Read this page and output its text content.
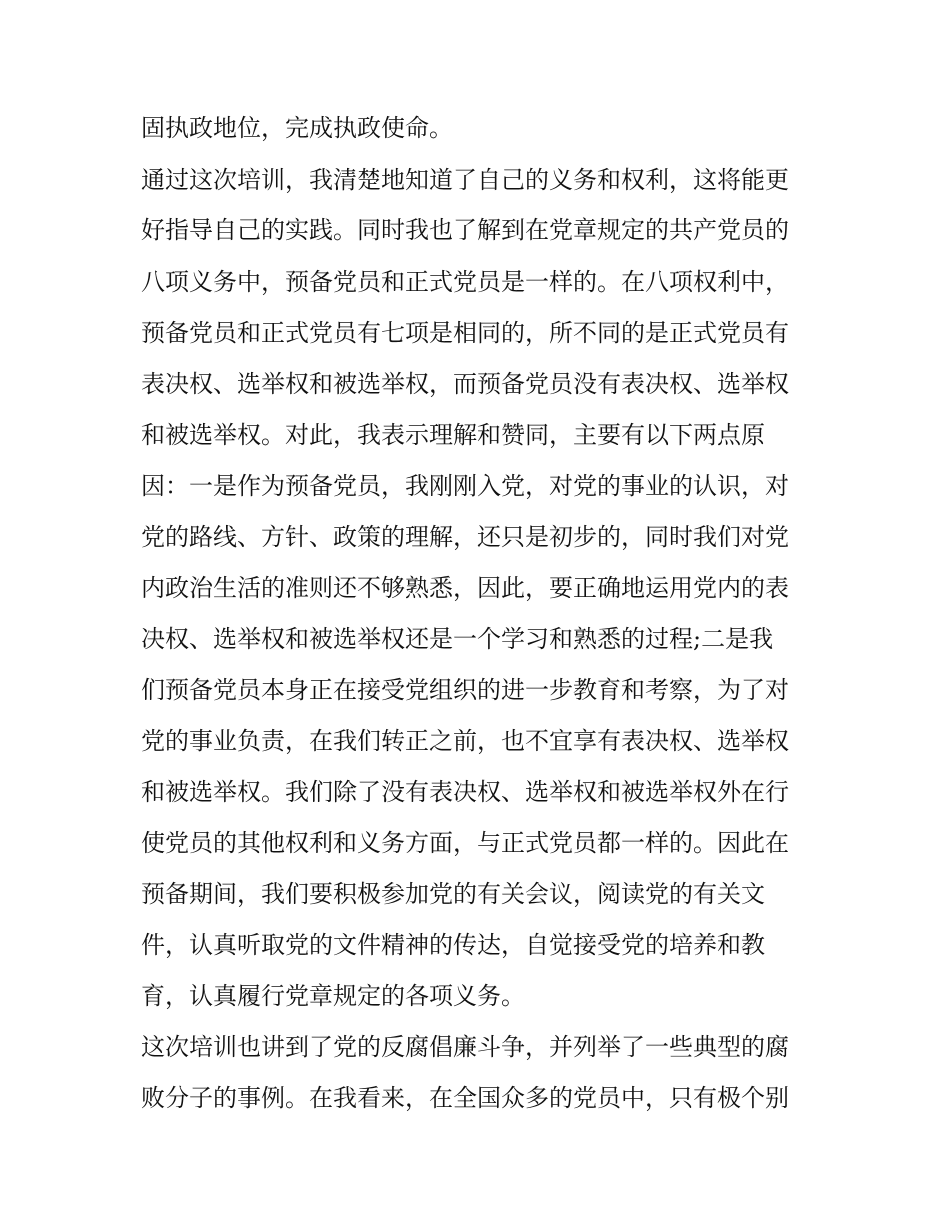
固执政地位，完成执政使命。
通过这次培训，我清楚地知道了自己的义务和权利，这将能更
好指导自己的实践。同时我也了解到在党章规定的共产党员的
八项义务中，预备党员和正式党员是一样的。在八项权利中，
预备党员和正式党员有七项是相同的，所不同的是正式党员有
表决权、选举权和被选举权，而预备党员没有表决权、选举权
和被选举权。对此，我表示理解和赞同，主要有以下两点原
因：一是作为预备党员，我刚刚入党，对党的事业的认识，对
党的路线、方针、政策的理解，还只是初步的，同时我们对党
内政治生活的准则还不够熟悉，因此，要正确地运用党内的表
决权、选举权和被选举权还是一个学习和熟悉的过程;二是我
们预备党员本身正在接受党组织的进一步教育和考察，为了对
党的事业负责，在我们转正之前，也不宜享有表决权、选举权
和被选举权。我们除了没有表决权、选举权和被选举权外在行
使党员的其他权利和义务方面，与正式党员都一样的。因此在
预备期间，我们要积极参加党的有关会议，阅读党的有关文
件，认真听取党的文件精神的传达，自觉接受党的培养和教
育，认真履行党章规定的各项义务。
这次培训也讲到了党的反腐倡廉斗争，并列举了一些典型的腐
败分子的事例。在我看来，在全国众多的党员中，只有极个别
